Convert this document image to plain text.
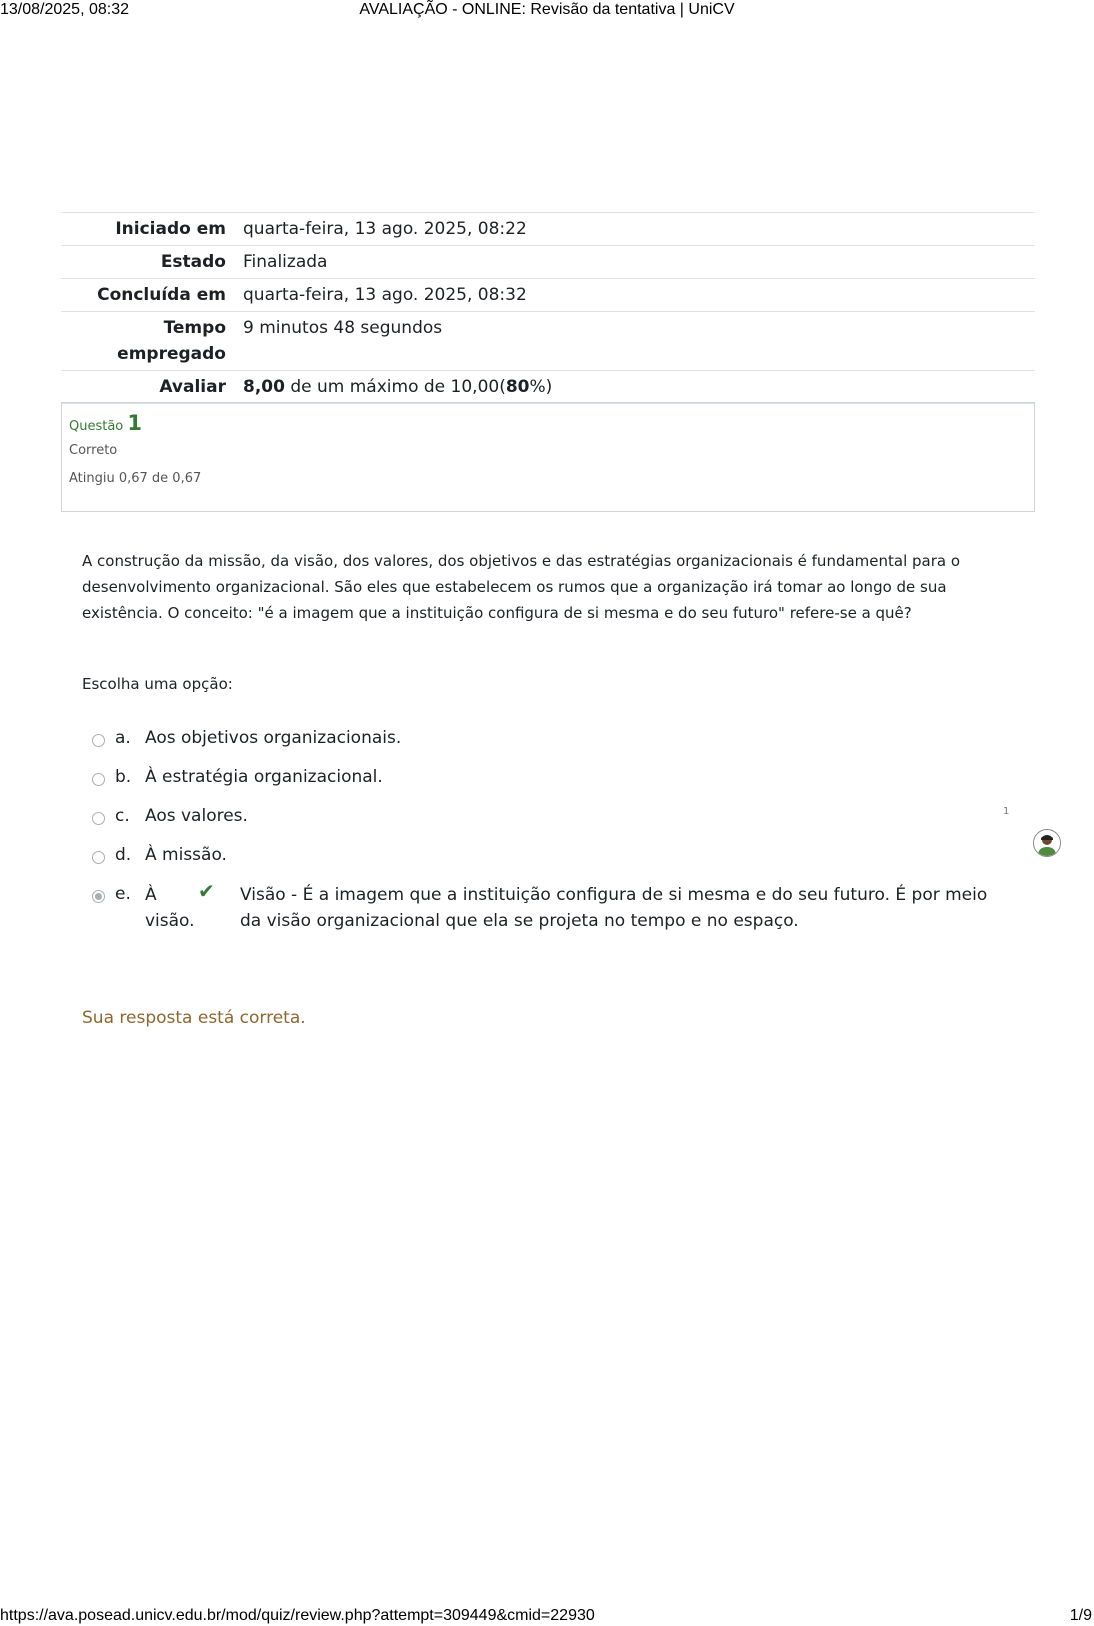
13/08/2025, 08:32	AVALIAÇÃO - ONLINE: Revisão da tentativa | UniCV
Iniciado em	quarta-feira, 13 ago. 2025, 08:22
Estado	Finalizada
Concluída em	quarta-feira, 13 ago. 2025, 08:32
Tempo empregado	9 minutos 48 segundos
Avaliar	8,00 de um máximo de 10,00(80%)
Questão 1
Correto
Atingiu 0,67 de 0,67
A construção da missão, da visão, dos valores, dos objetivos e das estratégias organizacionais é fundamental para o desenvolvimento organizacional. São eles que estabelecem os rumos que a organização irá tomar ao longo de sua existência. O conceito: "é a imagem que a instituição configura de si mesma e do seu futuro" refere-se a quê?
Escolha uma opção:
a. Aos objetivos organizacionais.
b. À estratégia organizacional.
c. Aos valores.
d. À missão.
e. À visão.
✔ Visão - É a imagem que a instituição configura de si mesma e do seu futuro. É por meio da visão organizacional que ela se projeta no tempo e no espaço.
Sua resposta está correta.
1
https://ava.posead.unicv.edu.br/mod/quiz/review.php?attempt=309449&cmid=22930	1/9
